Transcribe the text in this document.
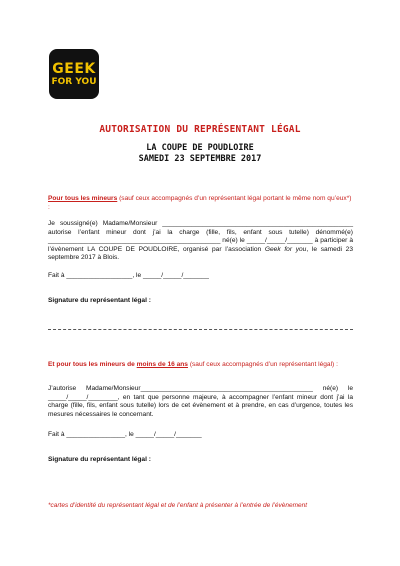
GEEK
FOR YOU
AUTORISATION DU REPRÉSENTANT LÉGAL
LA COUPE DE POUDLOIRE
SAMEDI 23 SEPTEMBRE 2017
Pour tous les mineurs (sauf ceux accompagnés d’un représentant légal portant le même nom qu’eux*) :
Je soussigné(e) Madame/Monsieur ____________________________________________________ autorise l’enfant mineur dont j’ai la charge (fille, fils, enfant sous tutelle) dénommé(e) _______________________________________________ né(e) le _____/_____/_______ à participer à l’évènement LA COUPE DE POUDLOIRE, organisé par l’association Geek for you, le samedi 23 septembre 2017 à Blois.
Fait à __________________, le _____/_____/_______
Signature du représentant légal :
Et pour tous les mineurs de moins de 16 ans (sauf ceux accompagnés d’un représentant légal) :
J’autorise Madame/Monsieur_______________________________________________ né(e) le _____/_____/________, en tant que personne majeure, à accompagner l’enfant mineur dont j’ai la charge (fille, fils, enfant sous tutelle) lors de cet évènement et à prendre, en cas d’urgence, toutes les mesures nécessaires le concernant.
Fait à ________________, le _____/_____/_______
Signature du représentant légal :
*cartes d’identité du représentant légal et de l’enfant à présenter à l’entrée de l’évènement
